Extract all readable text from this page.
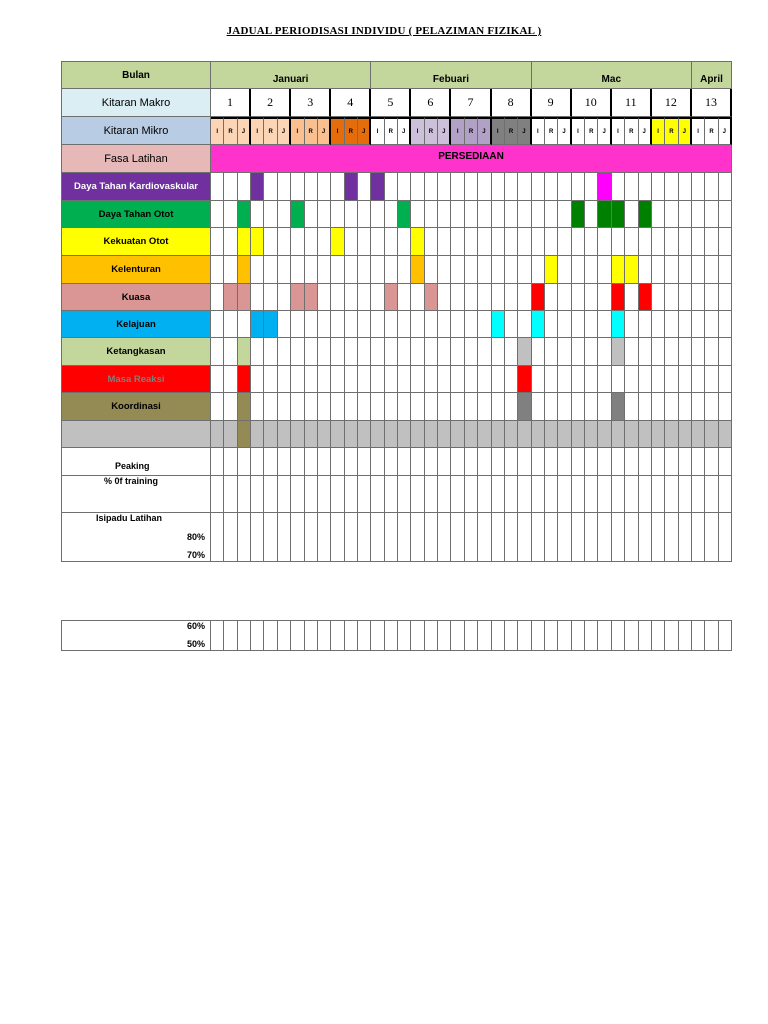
JADUAL PERIODISASI INDIVIDU ( PELAZIMAN FIZIKAL )
Bulan	Januari	Febuari	Mac	April
Kitaran Makro	1	2	3	4	5	6	7	8	9	10 11 12 13
Kitaran Mikro	I R J I R J I R J I R J I R J I R J I R J I R J I R J I R J I R J I R J I R J
Fasa Latihan	PERSEDIAAN
Daya Tahan Kardiovaskular
Daya Tahan Otot
Kekuatan Otot
Kelenturan
Kuasa
Kelajuan
Ketangkasan
Masa Reaksi
Koordinasi
Peaking
% 0f training
Isipadu Latihan
80%
70%
60%
50%
